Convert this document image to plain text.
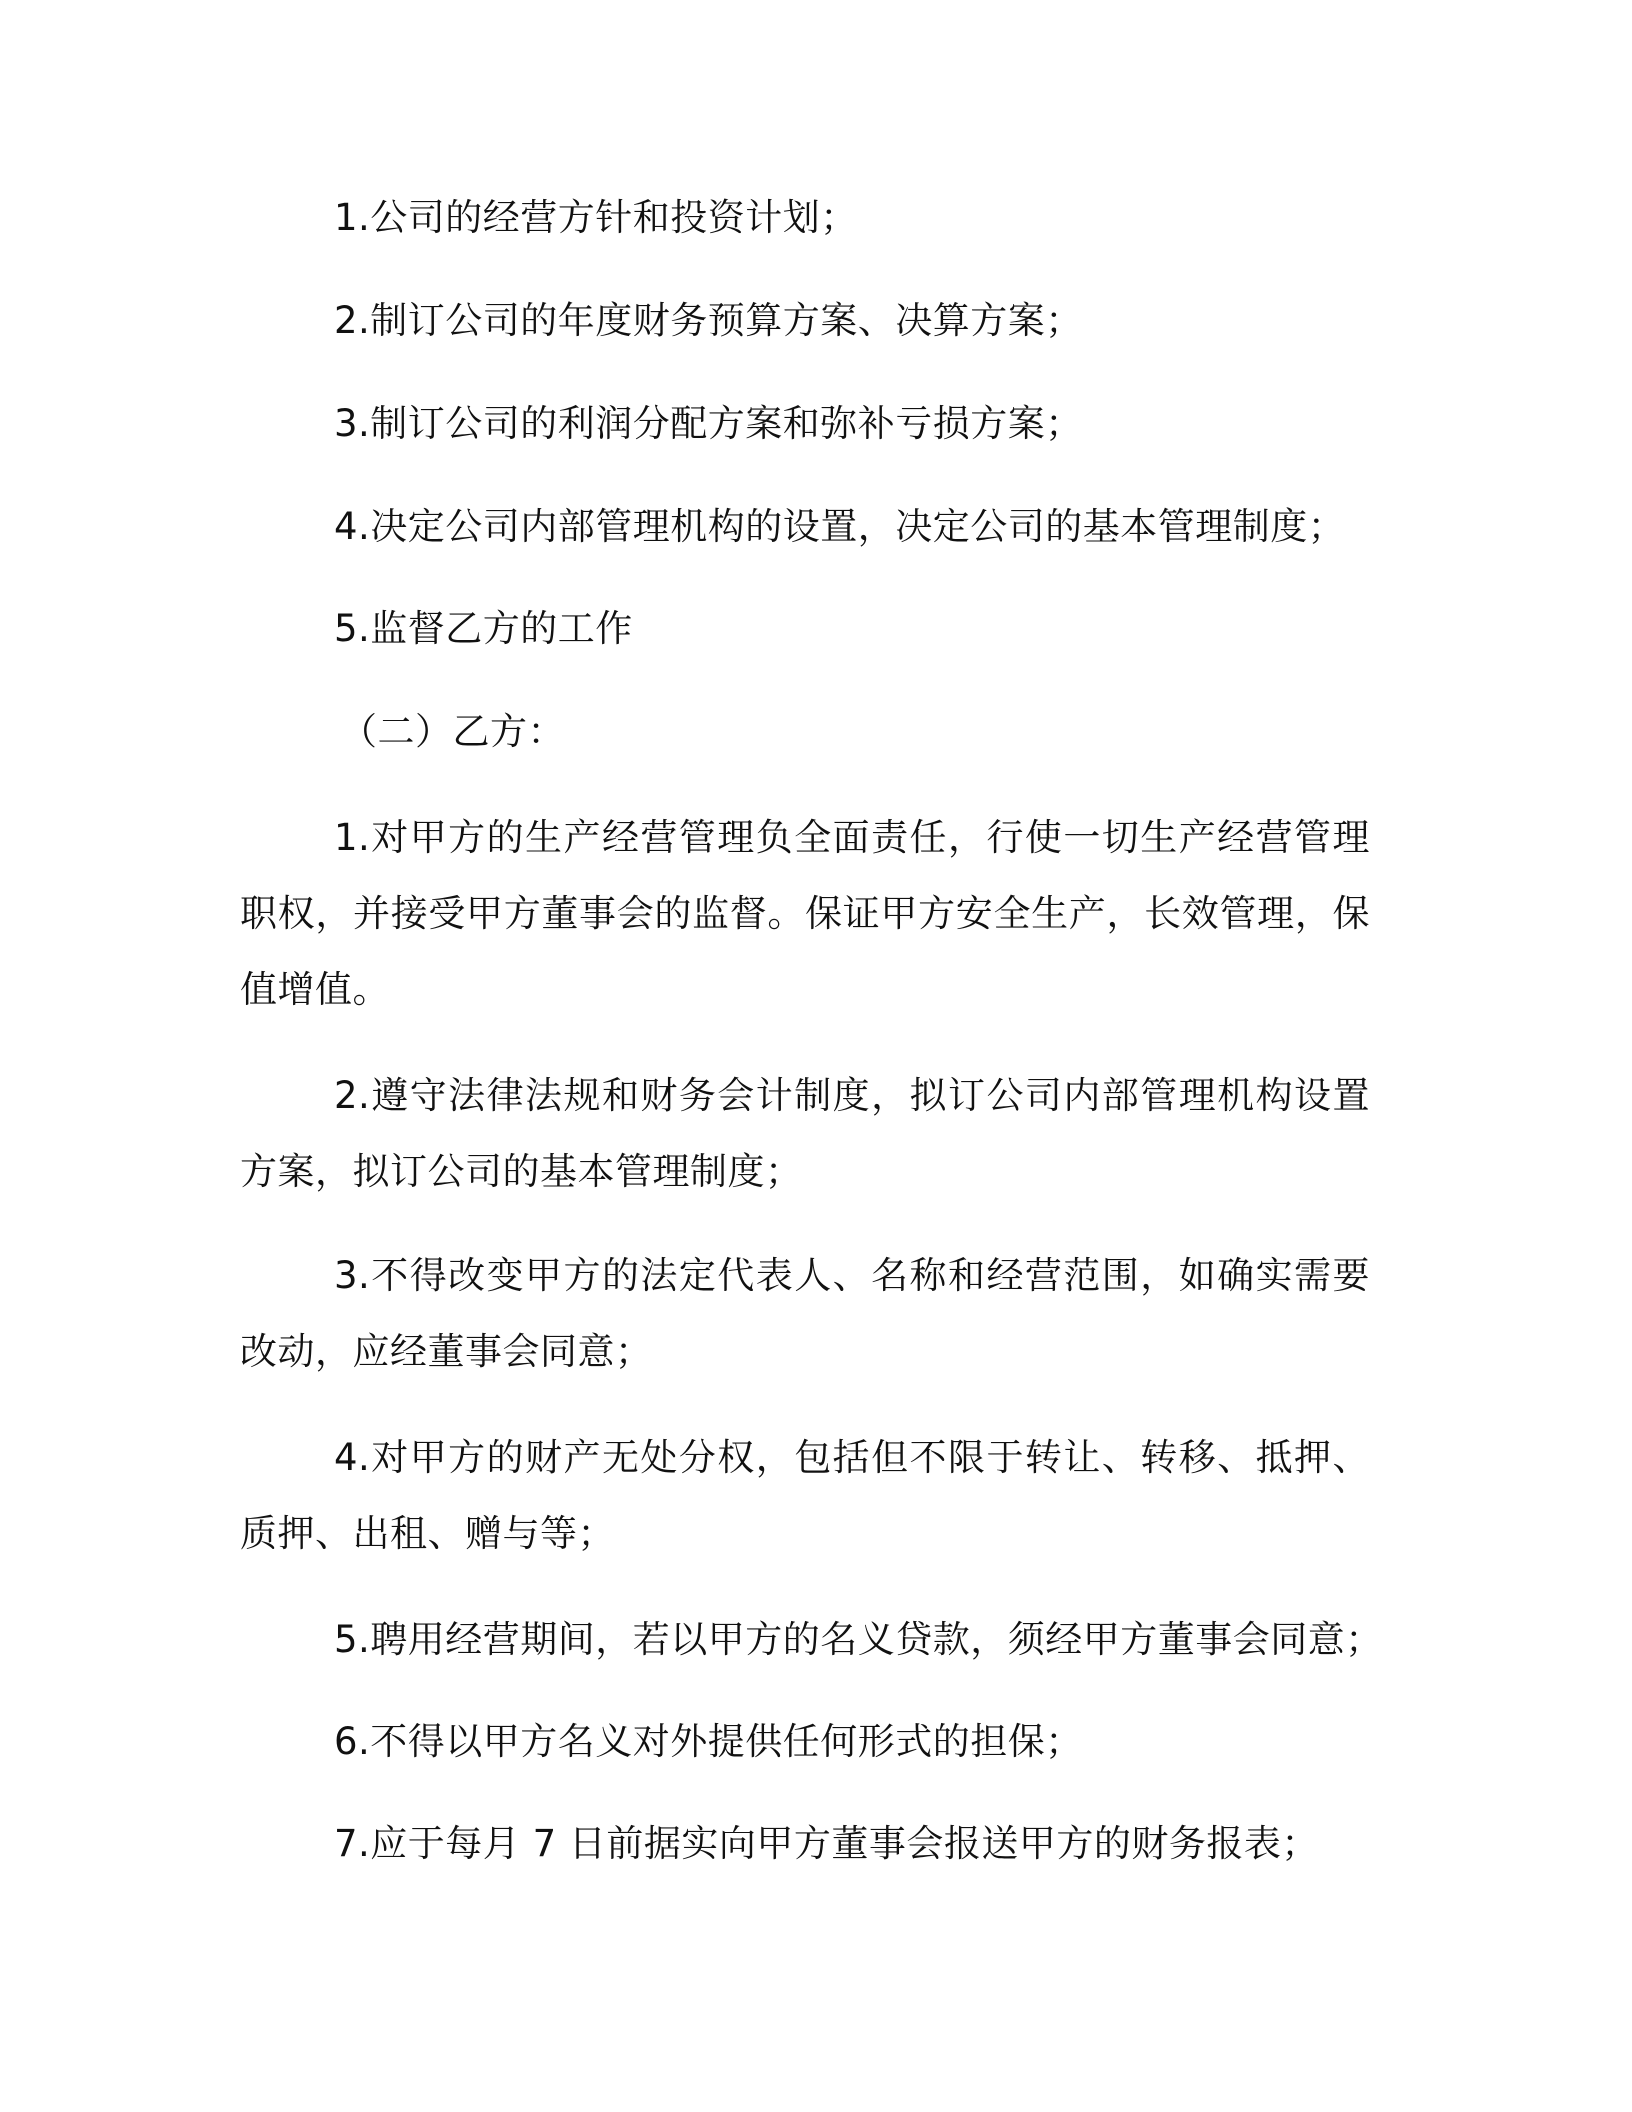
1.公司的经营方针和投资计划；

2.制订公司的年度财务预算方案、决算方案；

3.制订公司的利润分配方案和弥补亏损方案；

4.决定公司内部管理机构的设置，决定公司的基本管理制度；

5.监督乙方的工作

（二）乙方：

1.对甲方的生产经营管理负全面责任，行使一切生产经营管理职权，并接受甲方董事会的监督。保证甲方安全生产，长效管理，保值增值。

2.遵守法律法规和财务会计制度，拟订公司内部管理机构设置方案，拟订公司的基本管理制度；

3.不得改变甲方的法定代表人、名称和经营范围，如确实需要改动，应经董事会同意；

4.对甲方的财产无处分权，包括但不限于转让、转移、抵押、质押、出租、赠与等；

5.聘用经营期间，若以甲方的名义贷款，须经甲方董事会同意；

6.不得以甲方名义对外提供任何形式的担保；

7.应于每月 7 日前据实向甲方董事会报送甲方的财务报表；
